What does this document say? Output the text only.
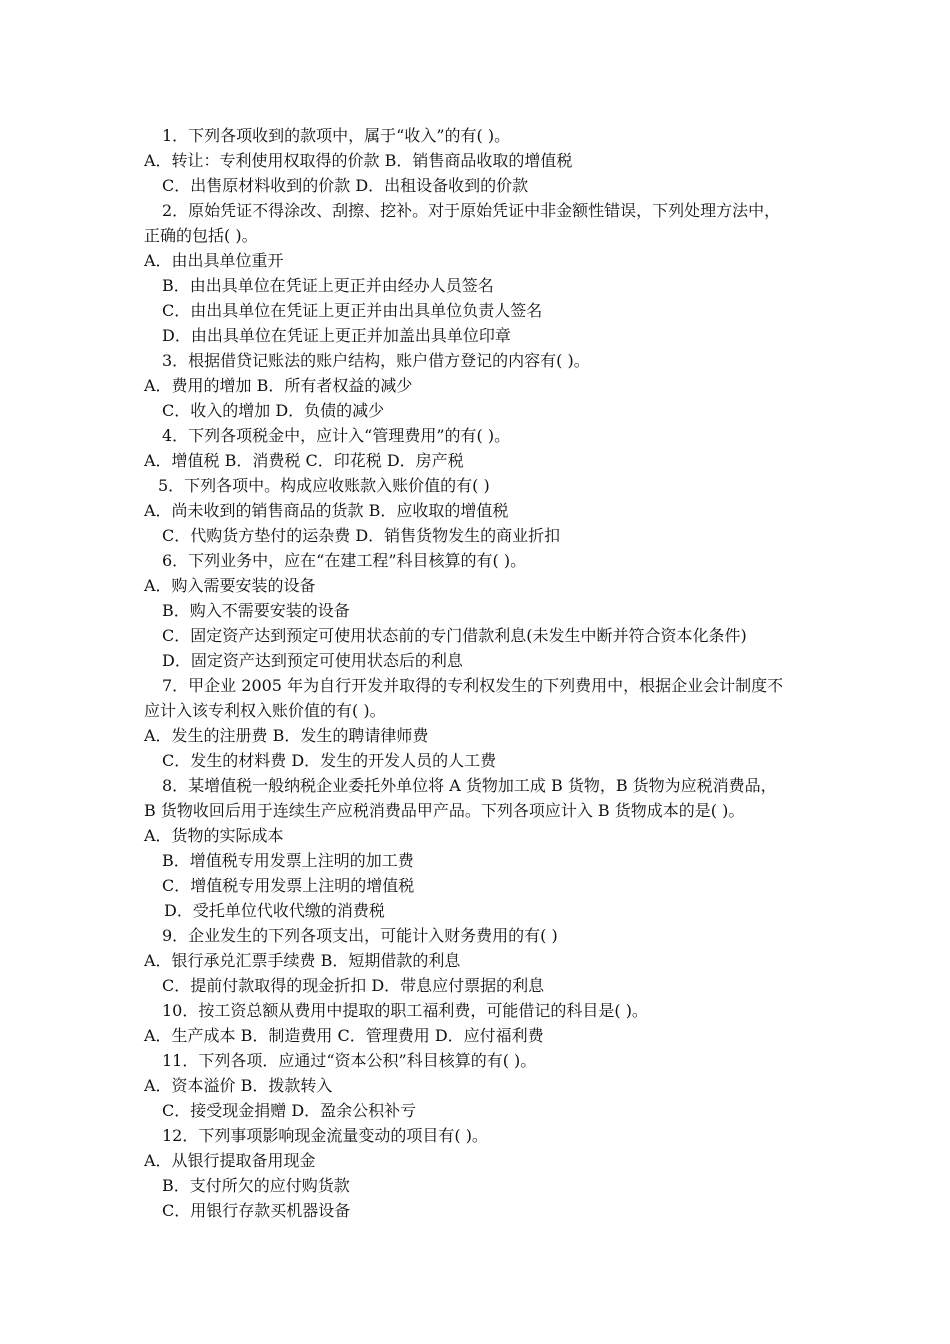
1．下列各项收到的款项中，属于“收入”的有( )。
A．转让：专利使用权取得的价款 B．销售商品收取的增值税
C．出售原材料收到的价款 D．出租设备收到的价款
2．原始凭证不得涂改、刮擦、挖补。对于原始凭证中非金额性错误，下列处理方法中，
正确的包括( )。
A．由出具单位重开
B．由出具单位在凭证上更正并由经办人员签名
C．由出具单位在凭证上更正并由出具单位负责人签名
D．由出具单位在凭证上更正并加盖出具单位印章
3．根据借贷记账法的账户结构，账户借方登记的内容有( )。
A．费用的增加 B．所有者权益的减少
C．收入的增加 D．负债的减少
4．下列各项税金中，应计入“管理费用”的有( )。
A．增值税 B．消费税 C．印花税 D．房产税
5．下列各项中。构成应收账款入账价值的有( )
A．尚未收到的销售商品的货款 B．应收取的增值税
C．代购货方垫付的运杂费 D．销售货物发生的商业折扣
6．下列业务中，应在“在建工程”科目核算的有( )。
A．购入需要安装的设备
B．购入不需要安装的设备
C．固定资产达到预定可使用状态前的专门借款利息(未发生中断并符合资本化条件)
D．固定资产达到预定可使用状态后的利息
7．甲企业 2005 年为自行开发并取得的专利权发生的下列费用中，根据企业会计制度不
应计入该专利权入账价值的有( )。
A．发生的注册费 B．发生的聘请律师费
C．发生的材料费 D．发生的开发人员的人工费
8．某增值税一般纳税企业委托外单位将 A 货物加工成 B 货物，B 货物为应税消费品，
B 货物收回后用于连续生产应税消费品甲产品。下列各项应计入 B 货物成本的是( )。
A．货物的实际成本
B．增值税专用发票上注明的加工费
C．增值税专用发票上注明的增值税
D．受托单位代收代缴的消费税
9．企业发生的下列各项支出，可能计入财务费用的有( )
A．银行承兑汇票手续费 B．短期借款的利息
C．提前付款取得的现金折扣 D．带息应付票据的利息
10．按工资总额从费用中提取的职工福利费，可能借记的科目是( )。
A．生产成本 B．制造费用 C．管理费用 D．应付福利费
11．下列各项．应通过“资本公积”科目核算的有( )。
A．资本溢价 B．拨款转入
C．接受现金捐赠 D．盈余公积补亏
12．下列事项影响现金流量变动的项目有( )。
A．从银行提取备用现金
B．支付所欠的应付购货款
C．用银行存款买机器设备
